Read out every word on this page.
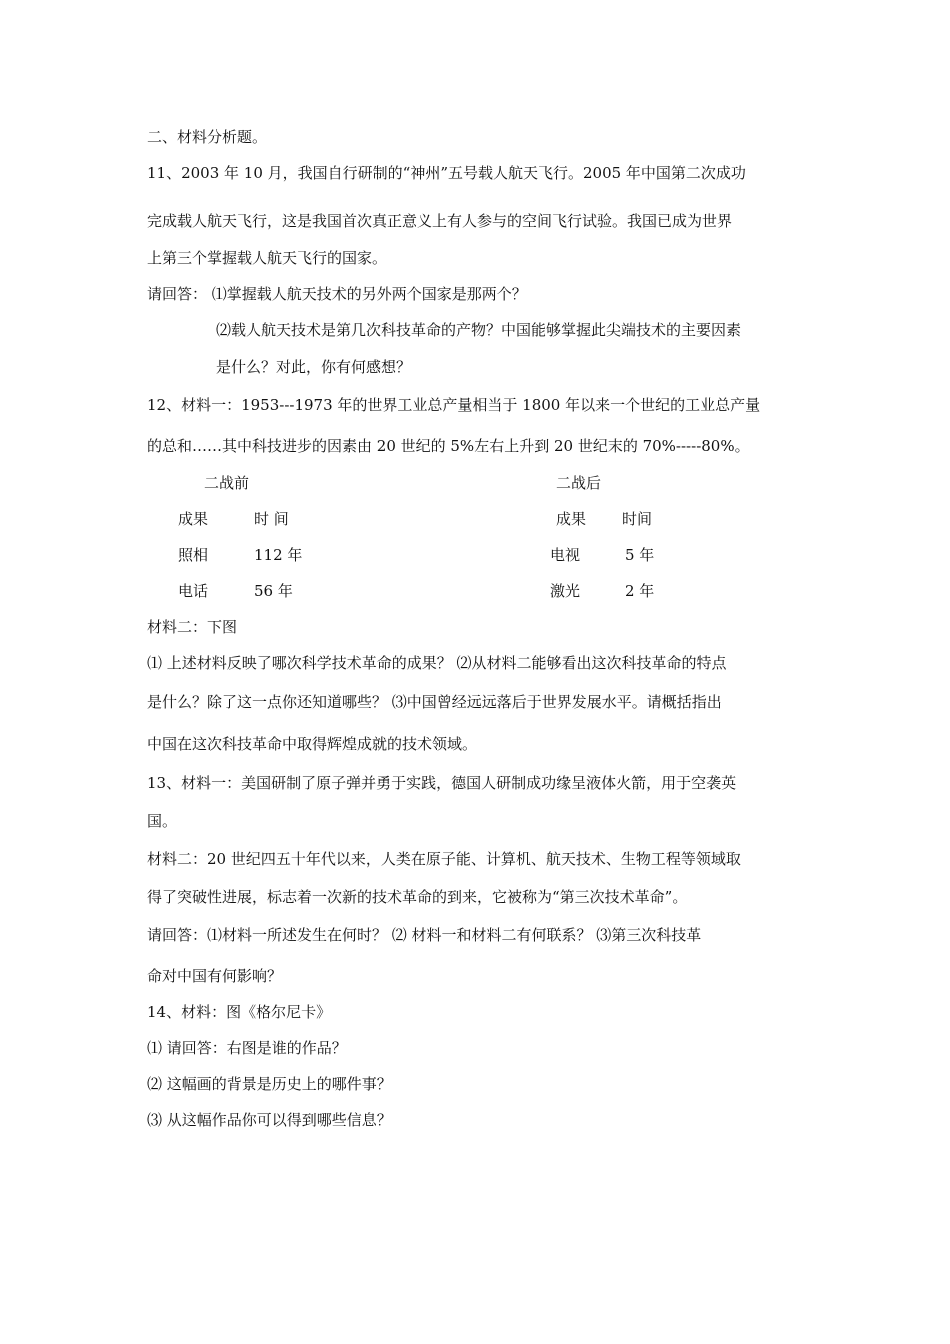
二、材料分析题。
11、2003 年 10 月，我国自行研制的“神州”五号载人航天飞行。2005 年中国第二次成功
完成载人航天飞行，这是我国首次真正意义上有人参与的空间飞行试验。我国已成为世界
上第三个掌握载人航天飞行的国家。
请回答： ⑴掌握载人航天技术的另外两个国家是那两个？
⑵载人航天技术是第几次科技革命的产物？中国能够掌握此尖端技术的主要因素
是什么？对此，你有何感想？
12、材料一：1953---1973 年的世界工业总产量相当于 1800 年以来一个世纪的工业总产量
的总和……其中科技进步的因素由 20 世纪的 5%左右上升到 20 世纪末的 70%-----80%。
二战前	二战后
成果	时 间	成果 时间
照相	112 年	电视	5 年
电话	56 年	激光	2 年
材料二：下图
⑴ 上述材料反映了哪次科学技术革命的成果？ ⑵从材料二能够看出这次科技革命的特点
是什么？除了这一点你还知道哪些？ ⑶中国曾经远远落后于世界发展水平。请概括指出
中国在这次科技革命中取得辉煌成就的技术领域。
13、材料一：美国研制了原子弹并勇于实践，德国人研制成功缘呈液体火箭，用于空袭英
国。
材料二：20 世纪四五十年代以来，人类在原子能、计算机、航天技术、生物工程等领域取
得了突破性进展，标志着一次新的技术革命的到来，它被称为“第三次技术革命”。
请回答：⑴材料一所述发生在何时？ ⑵ 材料一和材料二有何联系？ ⑶第三次科技革
命对中国有何影响？
14、材料：图《格尔尼卡》
⑴ 请回答：右图是谁的作品？
⑵ 这幅画的背景是历史上的哪件事？
⑶ 从这幅作品你可以得到哪些信息？
